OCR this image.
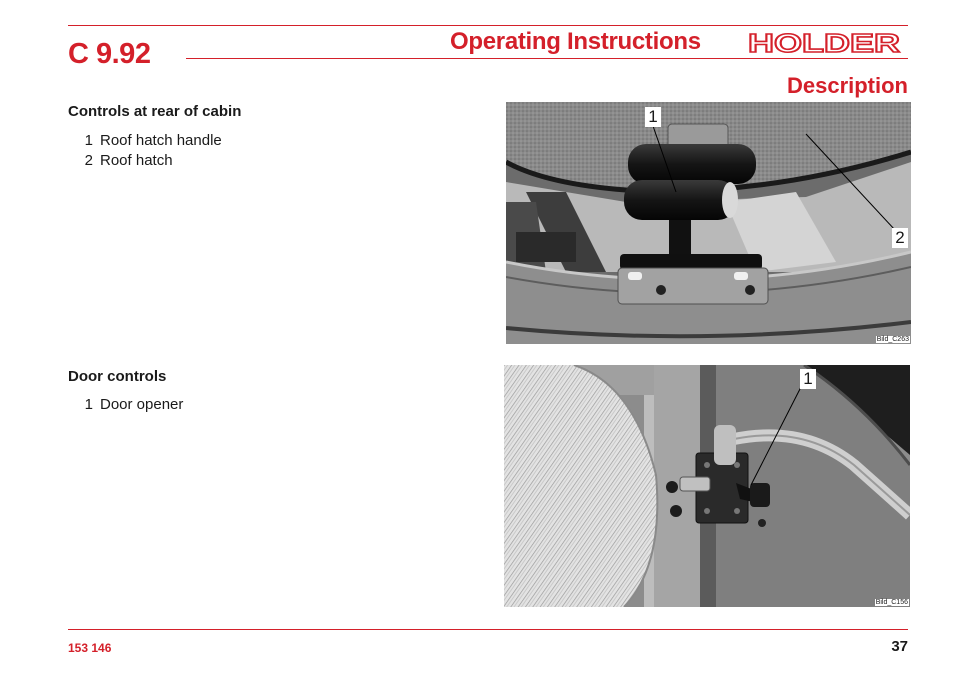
C 9.92	Operating Instructions HOLDER
Description
Controls at rear of cabin
1 Roof hatch handle
2 Roof hatch
Door controls
1 Door opener
1
2
Bild_C263
1
Bild_C156
153 146	37
